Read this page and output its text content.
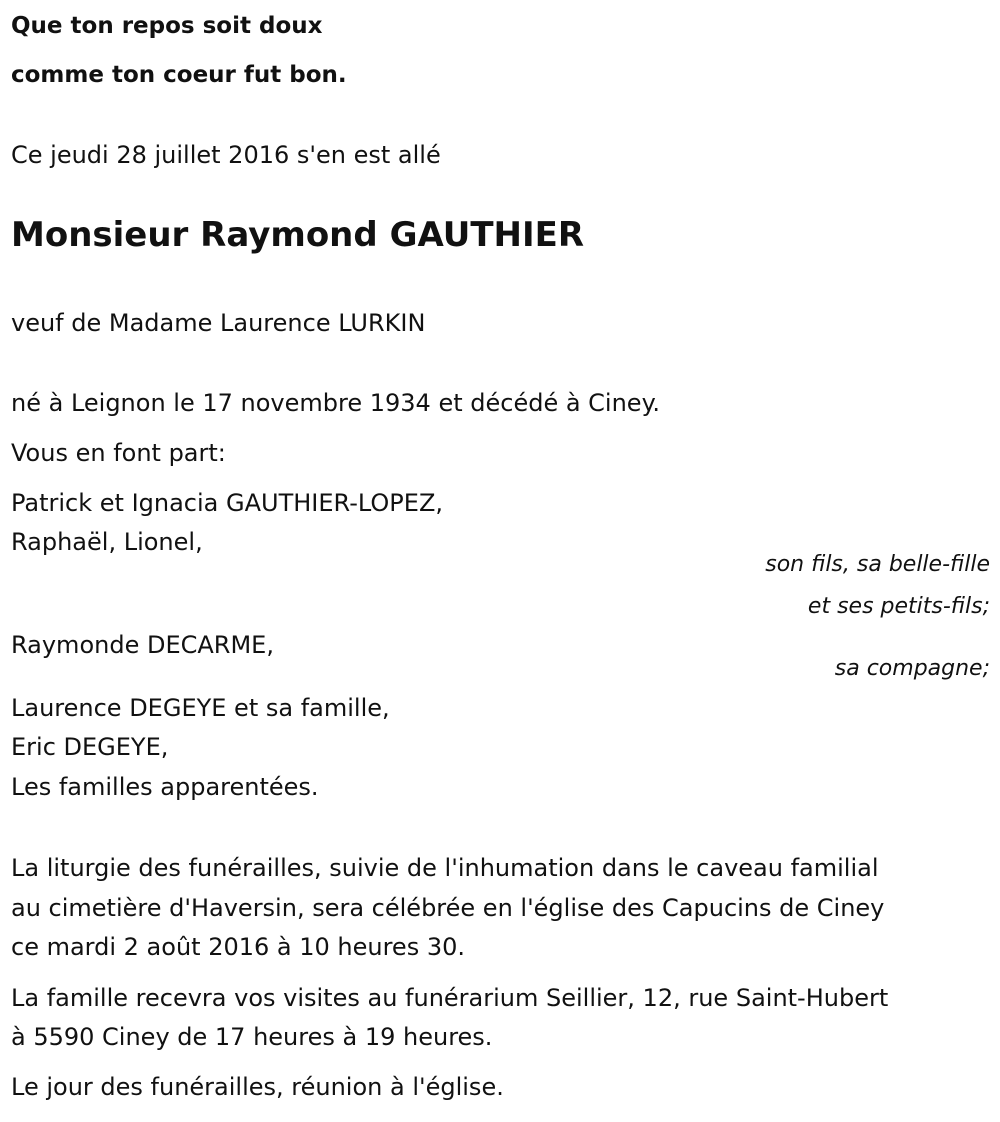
Que ton repos soit doux
comme ton coeur fut bon.
Ce jeudi 28 juillet 2016 s'en est allé
Monsieur Raymond GAUTHIER
veuf de Madame Laurence LURKIN
né à Leignon le 17 novembre 1934 et décédé à Ciney.
Vous en font part:
Patrick et Ignacia GAUTHIER-LOPEZ,
Raphaël, Lionel,
son fils, sa belle-fille
et ses petits-fils;
Raymonde DECARME,
sa compagne;
Laurence DEGEYE et sa famille,
Eric DEGEYE,
Les familles apparentées.
La liturgie des funérailles, suivie de l'inhumation dans le caveau familial
au cimetière d'Haversin, sera célébrée en l'église des Capucins de Ciney
ce mardi 2 août 2016 à 10 heures 30.
La famille recevra vos visites au funérarium Seillier, 12, rue Saint-Hubert
à 5590 Ciney de 17 heures à 19 heures.
Le jour des funérailles, réunion à l'église.
